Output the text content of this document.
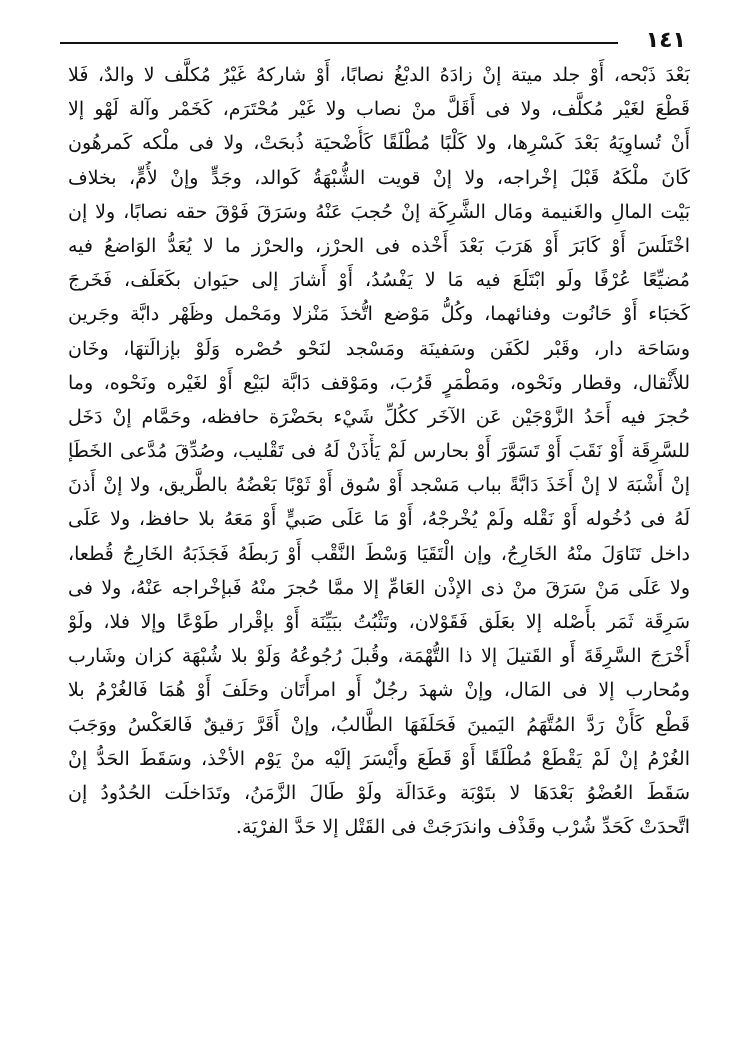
١٤١
بَعْدَ ذَبْحه، أَوْ جلد ميتة إنْ زادَهُ الدبْغُ نصابًا، أَوْ شاركهُ غَيْرُ مُكلَّف لا والدٌ، فَلا
قَطْعَ لغَيْر مُكلَّف، ولا فى أَقَلَّ منْ نصاب ولا غَيْر مُحْتَرَم، كَخَمْر وآلة لَهْو إلا
أَنْ تُساوِيَهُ بَعْدَ كَسْرِها، ولا كَلْبًا مُطْلَقًا كَأُضْحيَة ذُبحَتْ، ولا فى ملْكه كَمرهُون
كَانَ ملْكَهُ قَبْلَ إخْراجه، ولا إنْ قويت الشُّبْهَةُ كَوالد، وجَدٍّ وإنْ لأُمٍّ، بخلاف
بَيْت المالِ والغَنيمة ومَال الشَّرِكَة إنْ حُجبَ عَنْهُ وسَرَقَ فَوْقَ حقه نصابًا، ولا إن
اخْتَلَسَ أَوْ كَابَرَ أَوْ هَرَبَ بَعْدَ أَخْذه فى الحرْز، والحرْز ما لا يُعَدُّ الوَاضعُ فيه
مُضيِّعًا عُرْفًا ولَو ابْتَلَعَ فيه مَا لا يَفْسُدُ، أَوْ أَشارَ إلى حيَوان بكَعَلَف، فَخَرجَ
كَخبَاء أَوْ حَانُوت وفنائهما، وكُلُّ مَوْضع اتُّخذَ مَنْزلا ومَحْمل وظَهْر دابَّة وجَرين
وسَاحَة دار، وقَبْر لكَفَن وسَفينَة ومَسْجد لنَحْو حُصْره وَلَوْ بإزالَتهَا، وخَان
للأَثْقال، وقطار ونَحْوه، ومَطْمَرٍ قَرُبَ، ومَوْقف دَابَّة لبَيْع أَوْ لغَيْره ونَحْوه، وما
حُجرَ فيه أَحَدُ الزَّوْجَيْن عَن الآخَر ككُلِّ شَيْء بحَضْرَة حافظه، وحَمَّام إنْ دَخَل
للسَّرِقَة أَوْ نَقَبَ أَوْ تَسَوَّرَ أَوْ بحارس لَمْ يَأْذَنْ لَهُ فى تَقْليب، وصُدِّقَ مُدَّعى الخَطَإ
إنْ أَشْبَهَ لا إنْ أَخَذَ دَابَّةً بباب مَسْجد أَوْ سُوق أَوْ ثَوْبًا بَعْضُهُ بالطَّريق، ولا إنْ أَذنَ
لَهُ فى دُخُوله أَوْ نَقْله ولَمْ يُخْرجْهُ، أَوْ مَا عَلَى صَبيٍّ أَوْ مَعَهُ بلا حافظ، ولا عَلَى
داخل تَنَاوَلَ منْهُ الخَارِجُ، وإن الْتَقَيَا وَسْطَ النَّقْب أَوْ رَبطَهُ فَجَذَبَهُ الخَارِجُ قُطعا،
ولا عَلَى مَنْ سَرَقَ منْ ذى الإذْن العَامِّ إلا ممَّا حُجرَ منْهُ فَبإخْراجه عَنْهُ، ولا فى
سَرِقَة ثَمَر بأَصْله إلا بعَلَق فَقَوْلان، وتَثْبُتُ ببَيِّنَة أَوْ بإقْرار طَوْعًا وإلا فلا، ولَوْ
أَخْرَجَ السَّرِقَةَ أَو القَتيلَ إلا ذا التُّهْمَة، وقُبلَ رُجُوعُهُ وَلَوْ بلا شُبْهَة كزان وشَارب
ومُحارب إلا فى المَال، وإنْ شهدَ رجُلٌ أَو امرأَتَان وحَلَفَ أَوْ هُمَا فَالغُرْمُ بلا
قَطْع كَأَنْ رَدَّ المُتَّهَمُ اليَمينَ فَحَلَفَهَا الطَّالبُ، وإنْ أَقَرَّ رَقيقٌ فَالعَكْسُ ووَجَبَ
الغُرْمُ إنْ لَمْ يَقْطَعْ مُطْلَقًا أَوْ قَطَعَ وأَيْسَرَ إلَيْه منْ يَوْم الأخْذ، وسَقَطَ الحَدُّ إنْ
سَقَطَ العُضْوُ بَعْدَهَا لا بتَوْبَة وعَدَالَة ولَوْ طَالَ الزَّمَنُ، وتَدَاخلَت الحُدُودُ إن
اتَّحدَتْ كَحَدِّ شُرْب وقَذْف واندَرَجَتْ فى القَتْل إلا حَدَّ الفرْيَة.
